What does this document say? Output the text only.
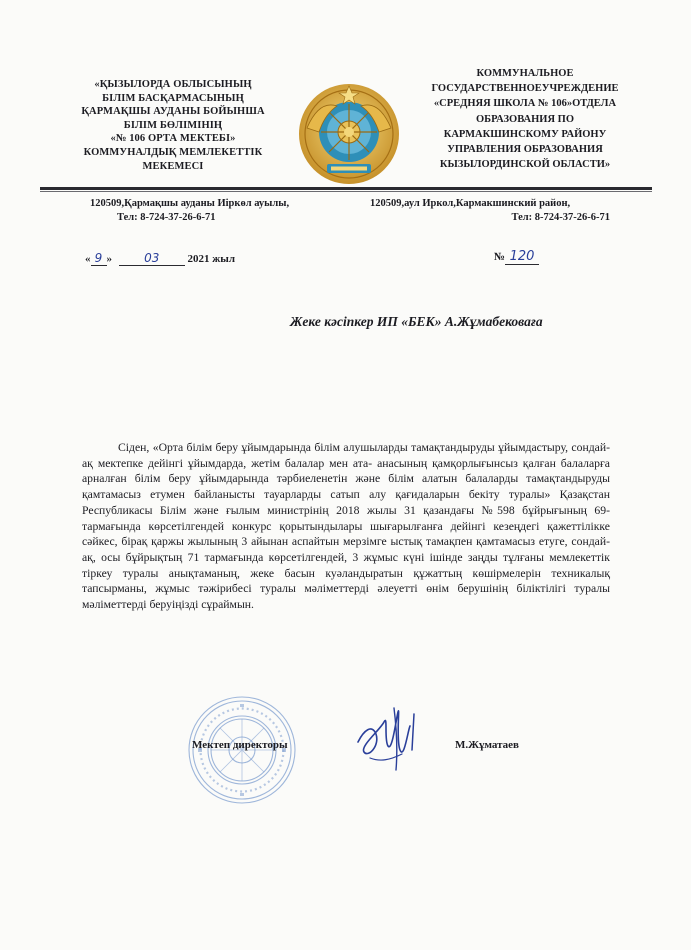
«ҚЫЗЫЛОРДА ОБЛЫСЫНЫҢ
БІЛІМ БАСҚАРМАСЫНЫҢ
ҚАРМАҚШЫ АУДАНЫ БОЙЫНША
БІЛІМ БӨЛІМІНІҢ
«№ 106 ОРТА МЕКТЕБІ»
КОММУНАЛДЫҚ МЕМЛЕКЕТТІК
МЕКЕМЕСІ
КОММУНАЛЬНОЕ
ГОСУДАРСТВЕННОЕУЧРЕЖДЕНИЕ
«СРЕДНЯЯ ШКОЛА № 106»ОТДЕЛА
ОБРАЗОВАНИЯ ПО
КАРМАКШИНСКОМУ РАЙОНУ
УПРАВЛЕНИЯ ОБРАЗОВАНИЯ
КЫЗЫЛОРДИНСКОЙ ОБЛАСТИ»
120509,Қармақшы ауданы Иіркөл ауылы,
Тел: 8-724-37-26-6-71
120509,аул Иркол,Кармакшинский район,
Тел: 8-724-37-26-6-71
« 9 »	03	2021 жыл	№ 120
Жеке кәсіпкер ИП «БЕК» А.Жұмабековаға
Сіден, «Орта білім беру ұйымдарында білім алушыларды тамақтандыруды ұйымдастыру, сондай- ақ мектепке дейінгі ұйымдарда, жетім балалар мен ата- анасының қамқорлығынсыз қалған балаларға арналған білім беру ұйымдарында тәрбиеленетін және білім алатын балаларды тамақтандыруды қамтамасыз етумен байланысты тауарларды сатып алу қағидаларын бекіту туралы» Қазақстан Республикасы Білім және ғылым министрінің 2018 жылы 31 қазандағы №598 бұйрығының 69- тармағында көрсетілгендей конкурс қорытындылары шығарылғанға дейінгі кезеңдегі қажеттілікке сәйкес, бірақ қаржы жылының 3 айынан аспайтын мерзімге ыстық тамақпен қамтамасыз етуге, сондай- ақ, осы бұйрықтың 71 тармағында көрсетілгендей, 3 жұмыс күні ішінде заңды тұлғаны мемлекеттік тіркеу туралы анықтаманың, жеке басын куәландыратын құжаттың көшірмелерін техникалық тапсырманы, жұмыс тәжірибесі туралы мәліметтерді әлеуетті өнім берушінің біліктілігі туралы мәліметтерді беруіңізді сұраймын.
Мектеп директоры	М.Жұматаев
